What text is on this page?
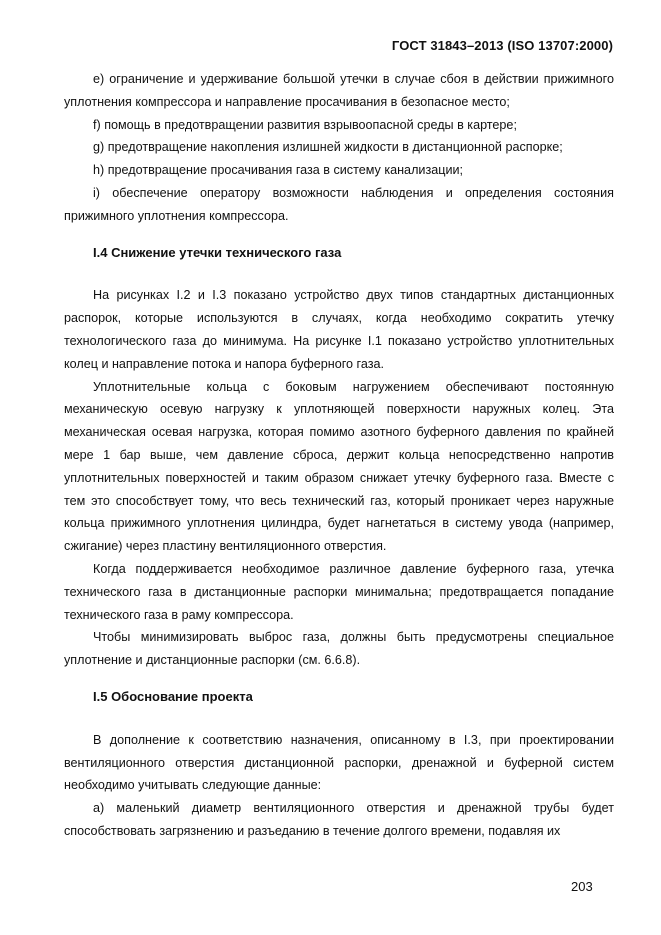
ГОСТ 31843–2013 (ISO 13707:2000)

e) ограничение и удерживание большой утечки в случае сбоя в действии прижимного уплотнения компрессора и направление просачивания в безопасное место;

f) помощь в предотвращении развития взрывоопасной среды в картере;

g) предотвращение накопления излишней жидкости в дистанционной распорке;

h) предотвращение просачивания газа в систему канализации;

i) обеспечение оператору возможности наблюдения и определения состояния прижимного уплотнения компрессора.

I.4 Снижение утечки технического газа

На рисунках I.2 и I.3 показано устройство двух типов стандартных дистанционных распорок, которые используются в случаях, когда необходимо сократить утечку технологического газа до минимума. На рисунке I.1 показано устройство уплотнительных колец и направление потока и напора буферного газа.

Уплотнительные кольца с боковым нагружением обеспечивают постоянную механическую осевую нагрузку к уплотняющей поверхности наружных колец. Эта механическая осевая нагрузка, которая помимо азотного буферного давления по крайней мере 1 бар выше, чем давление сброса, держит кольца непосредственно напротив уплотнительных поверхностей и таким образом снижает утечку буферного газа. Вместе с тем это способствует тому, что весь технический газ, который проникает через наружные кольца прижимного уплотнения цилиндра, будет нагнетаться в систему увода (например, сжигание) через пластину вентиляционного отверстия.

Когда поддерживается необходимое различное давление буферного газа, утечка технического газа в дистанционные распорки минимальна; предотвращается попадание технического газа в раму компрессора.

Чтобы минимизировать выброс газа, должны быть предусмотрены специальное уплотнение и дистанционные распорки (см. 6.6.8).

I.5 Обоснование проекта

В дополнение к соответствию назначения, описанному в I.3, при проектировании вентиляционного отверстия дистанционной распорки, дренажной и буферной систем необходимо учитывать следующие данные:

а) маленький диаметр вентиляционного отверстия и дренажной трубы будет способствовать загрязнению и разъеданию в течение долгого времени, подавляя их

203
